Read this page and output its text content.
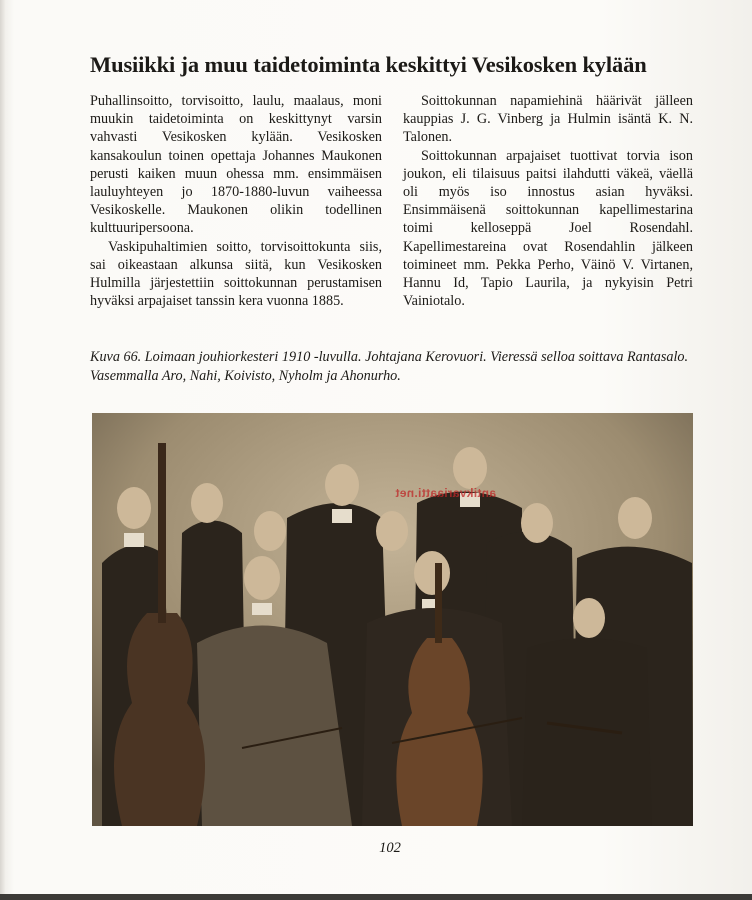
Musiikki ja muu taidetoiminta keskittyi Vesikosken kylään

Puhallinsoitto, torvisoitto, laulu, maalaus, moni muukin taidetoiminta on keskittynyt varsin vahvasti Vesikosken kylään. Vesikosken kansakoulun toinen opettaja Johannes Maukonen perusti kaiken muun ohessa mm. ensimmäisen lauluyhteyen jo 1870-1880-luvun vaiheessa Vesikoskelle. Maukonen olikin todellinen kulttuuripersoona.

Vaskipuhaltimien soitto, torvisoittokunta siis, sai oikeastaan alkunsa siitä, kun Vesikosken Hulmilla järjestettiin soittokunnan perustamisen hyväksi arpajaiset tanssin kera vuonna 1885.

Soittokunnan napamiehinä häärivät jälleen kauppias J. G. Vinberg ja Hulmin isäntä K. N. Talonen.

Soittokunnan arpajaiset tuottivat torvia ison joukon, eli tilaisuus paitsi ilahdutti väkeä, väellä oli myös iso innostus asian hyväksi. Ensimmäisenä soittokunnan kapellimestarina toimi kelloseppä Joel Rosendahl. Kapellimestareina ovat Rosendahlin jälkeen toimineet mm. Pekka Perho, Väinö V. Virtanen, Hannu Id, Tapio Laurila, ja nykyisin Petri Vainiotalo.

Kuva 66. Loimaan jouhiorkesteri 1910 -luvulla. Johtajana Kerovuori. Vieressä selloa soittava Rantasalo. Vasemmalla Aro, Nahi, Koivisto, Nyholm ja Ahonurho.
antikvariaatti.net
102
